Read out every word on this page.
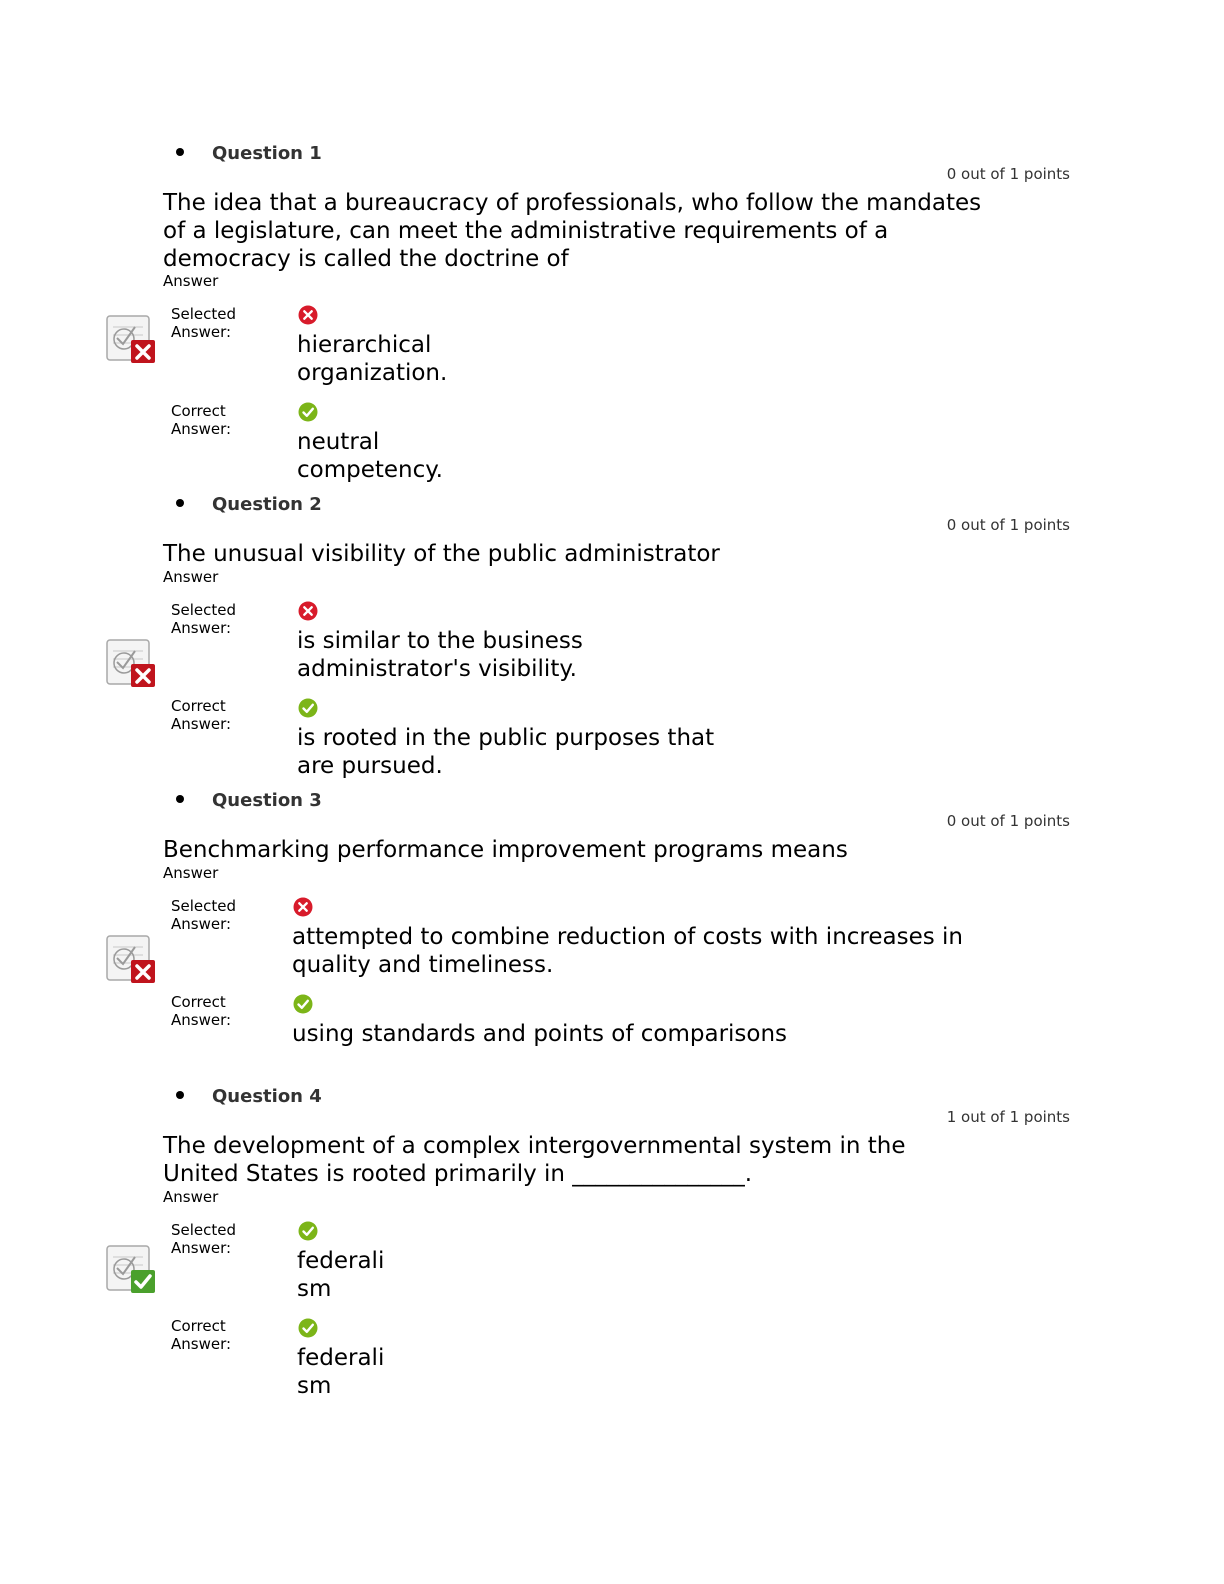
Question 1
0 out of 1 points
The idea that a bureaucracy of professionals, who follow the mandates of a legislature, can meet the administrative requirements of a democracy is called the doctrine of
Answer
Selected Answer:	hierarchical organization.
Correct Answer:	neutral competency.
Question 2
0 out of 1 points
The unusual visibility of the public administrator
Answer
Selected Answer:	is similar to the business administrator's visibility.
Correct Answer:
is rooted in the public purposes that are pursued.
Question 3
0 out of 1 points
Benchmarking performance improvement programs means
Answer
Selected Answer:	attempted to combine reduction of costs with increases in quality and timeliness.
Correct Answer:
using standards and points of comparisons
Question 4
1 out of 1 points
The development of a complex intergovernmental system in the United States is rooted primarily in _______________.
Answer
Selected Answer:	federalism
Correct Answer:
federalism
